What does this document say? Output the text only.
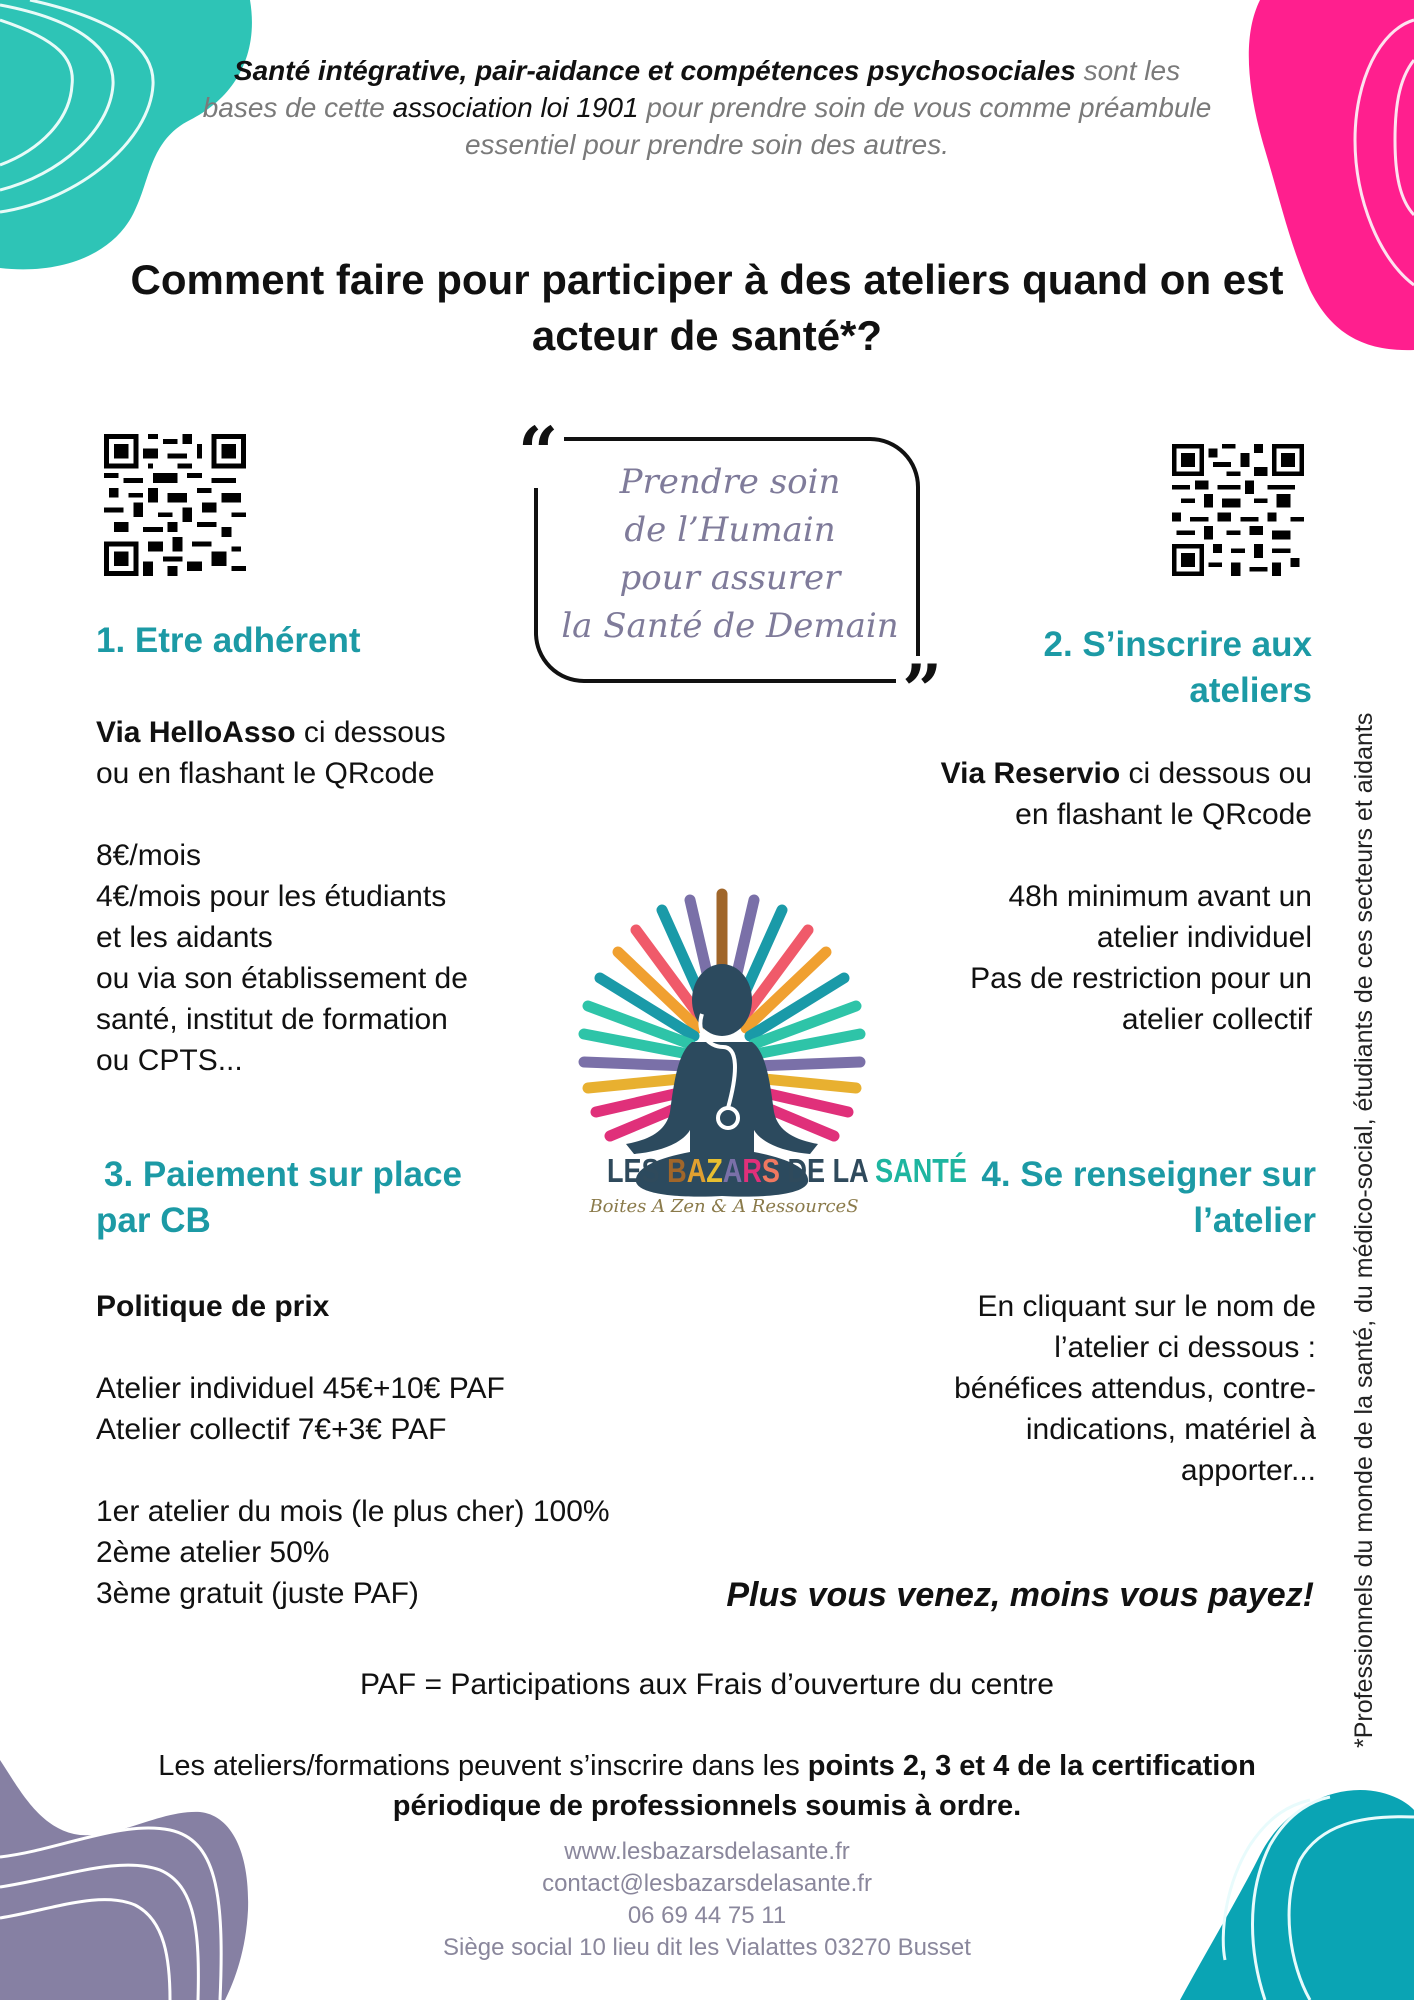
Santé intégrative, pair-aidance et compétences psychosociales sont les bases de cette association loi 1901 pour prendre soin de vous comme préambule essentiel pour prendre soin des autres.
Comment faire pour participer à des ateliers quand on est acteur de santé*?
“
”
Prendre soin
de l’Humain
pour assurer
la Santé de Demain
1. Etre adhérent
Via HelloAsso ci dessous
ou en flashant le QRcode
8€/mois
4€/mois pour les étudiants
et les aidants
ou via son établissement de
santé, institut de formation
ou CPTS...
2. S’inscrire aux
ateliers
Via Reservio ci dessous ou
en flashant le QRcode
48h minimum avant un
atelier individuel
Pas de restriction pour un
atelier collectif
LES BAZARS DE LA SANTÉ
Boites A Zen & A RessourceS
3. Paiement sur place
par CB
Politique de prix
Atelier individuel 45€+10€ PAF
Atelier collectif 7€+3€ PAF
1er atelier du mois (le plus cher) 100%
2ème atelier 50%
3ème gratuit (juste PAF)
4. Se renseigner sur
l’atelier
En cliquant sur le nom de
l’atelier ci dessous :
bénéfices attendus, contre-
indications, matériel à
apporter...
Plus vous venez, moins vous payez!
PAF = Participations aux Frais d’ouverture du centre
Les ateliers/formations peuvent s’inscrire dans les points 2, 3 et 4 de la certification périodique de professionnels soumis à ordre.
www.lesbazarsdelasante.fr
contact@lesbazarsdelasante.fr
06 69 44 75 11
Siège social 10 lieu dit les Vialattes 03270 Busset
*Professionnels du monde de la santé, du médico-social, étudiants de ces secteurs et aidants
